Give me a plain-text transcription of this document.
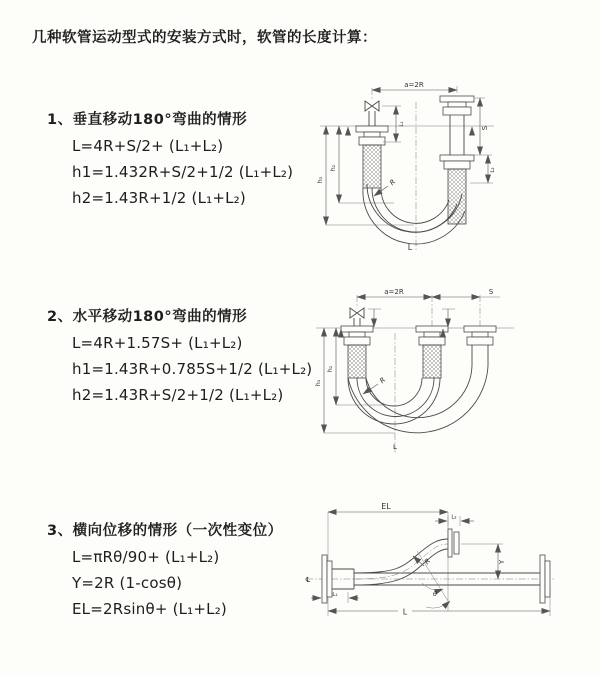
几种软管运动型式的安装方式时，软管的长度计算：
1、垂直移动180°弯曲的情形
L=4R+S/2+ (L₁+L₂)
h1=1.432R+S/2+1/2 (L₁+L₂)
h2=1.43R+1/2 (L₁+L₂)
2、水平移动180°弯曲的情形
L=4R+1.57S+ (L₁+L₂)
h1=1.43R+0.785S+1/2 (L₁+L₂)
h2=1.43R+S/2+1/2 (L₁+L₂)
3、横向位移的情形（一次性变位）
L=πRθ/90+ (L₁+L₂)
Y=2R (1-cosθ)
EL=2Rsinθ+ (L₁+L₂)
a=2R
L₁
S
L₂
h₁
h₂
R
L
a=2R	S
h₁
h₂
R
L
℄
EL
L₂
Y
θ
R
L₁
L
